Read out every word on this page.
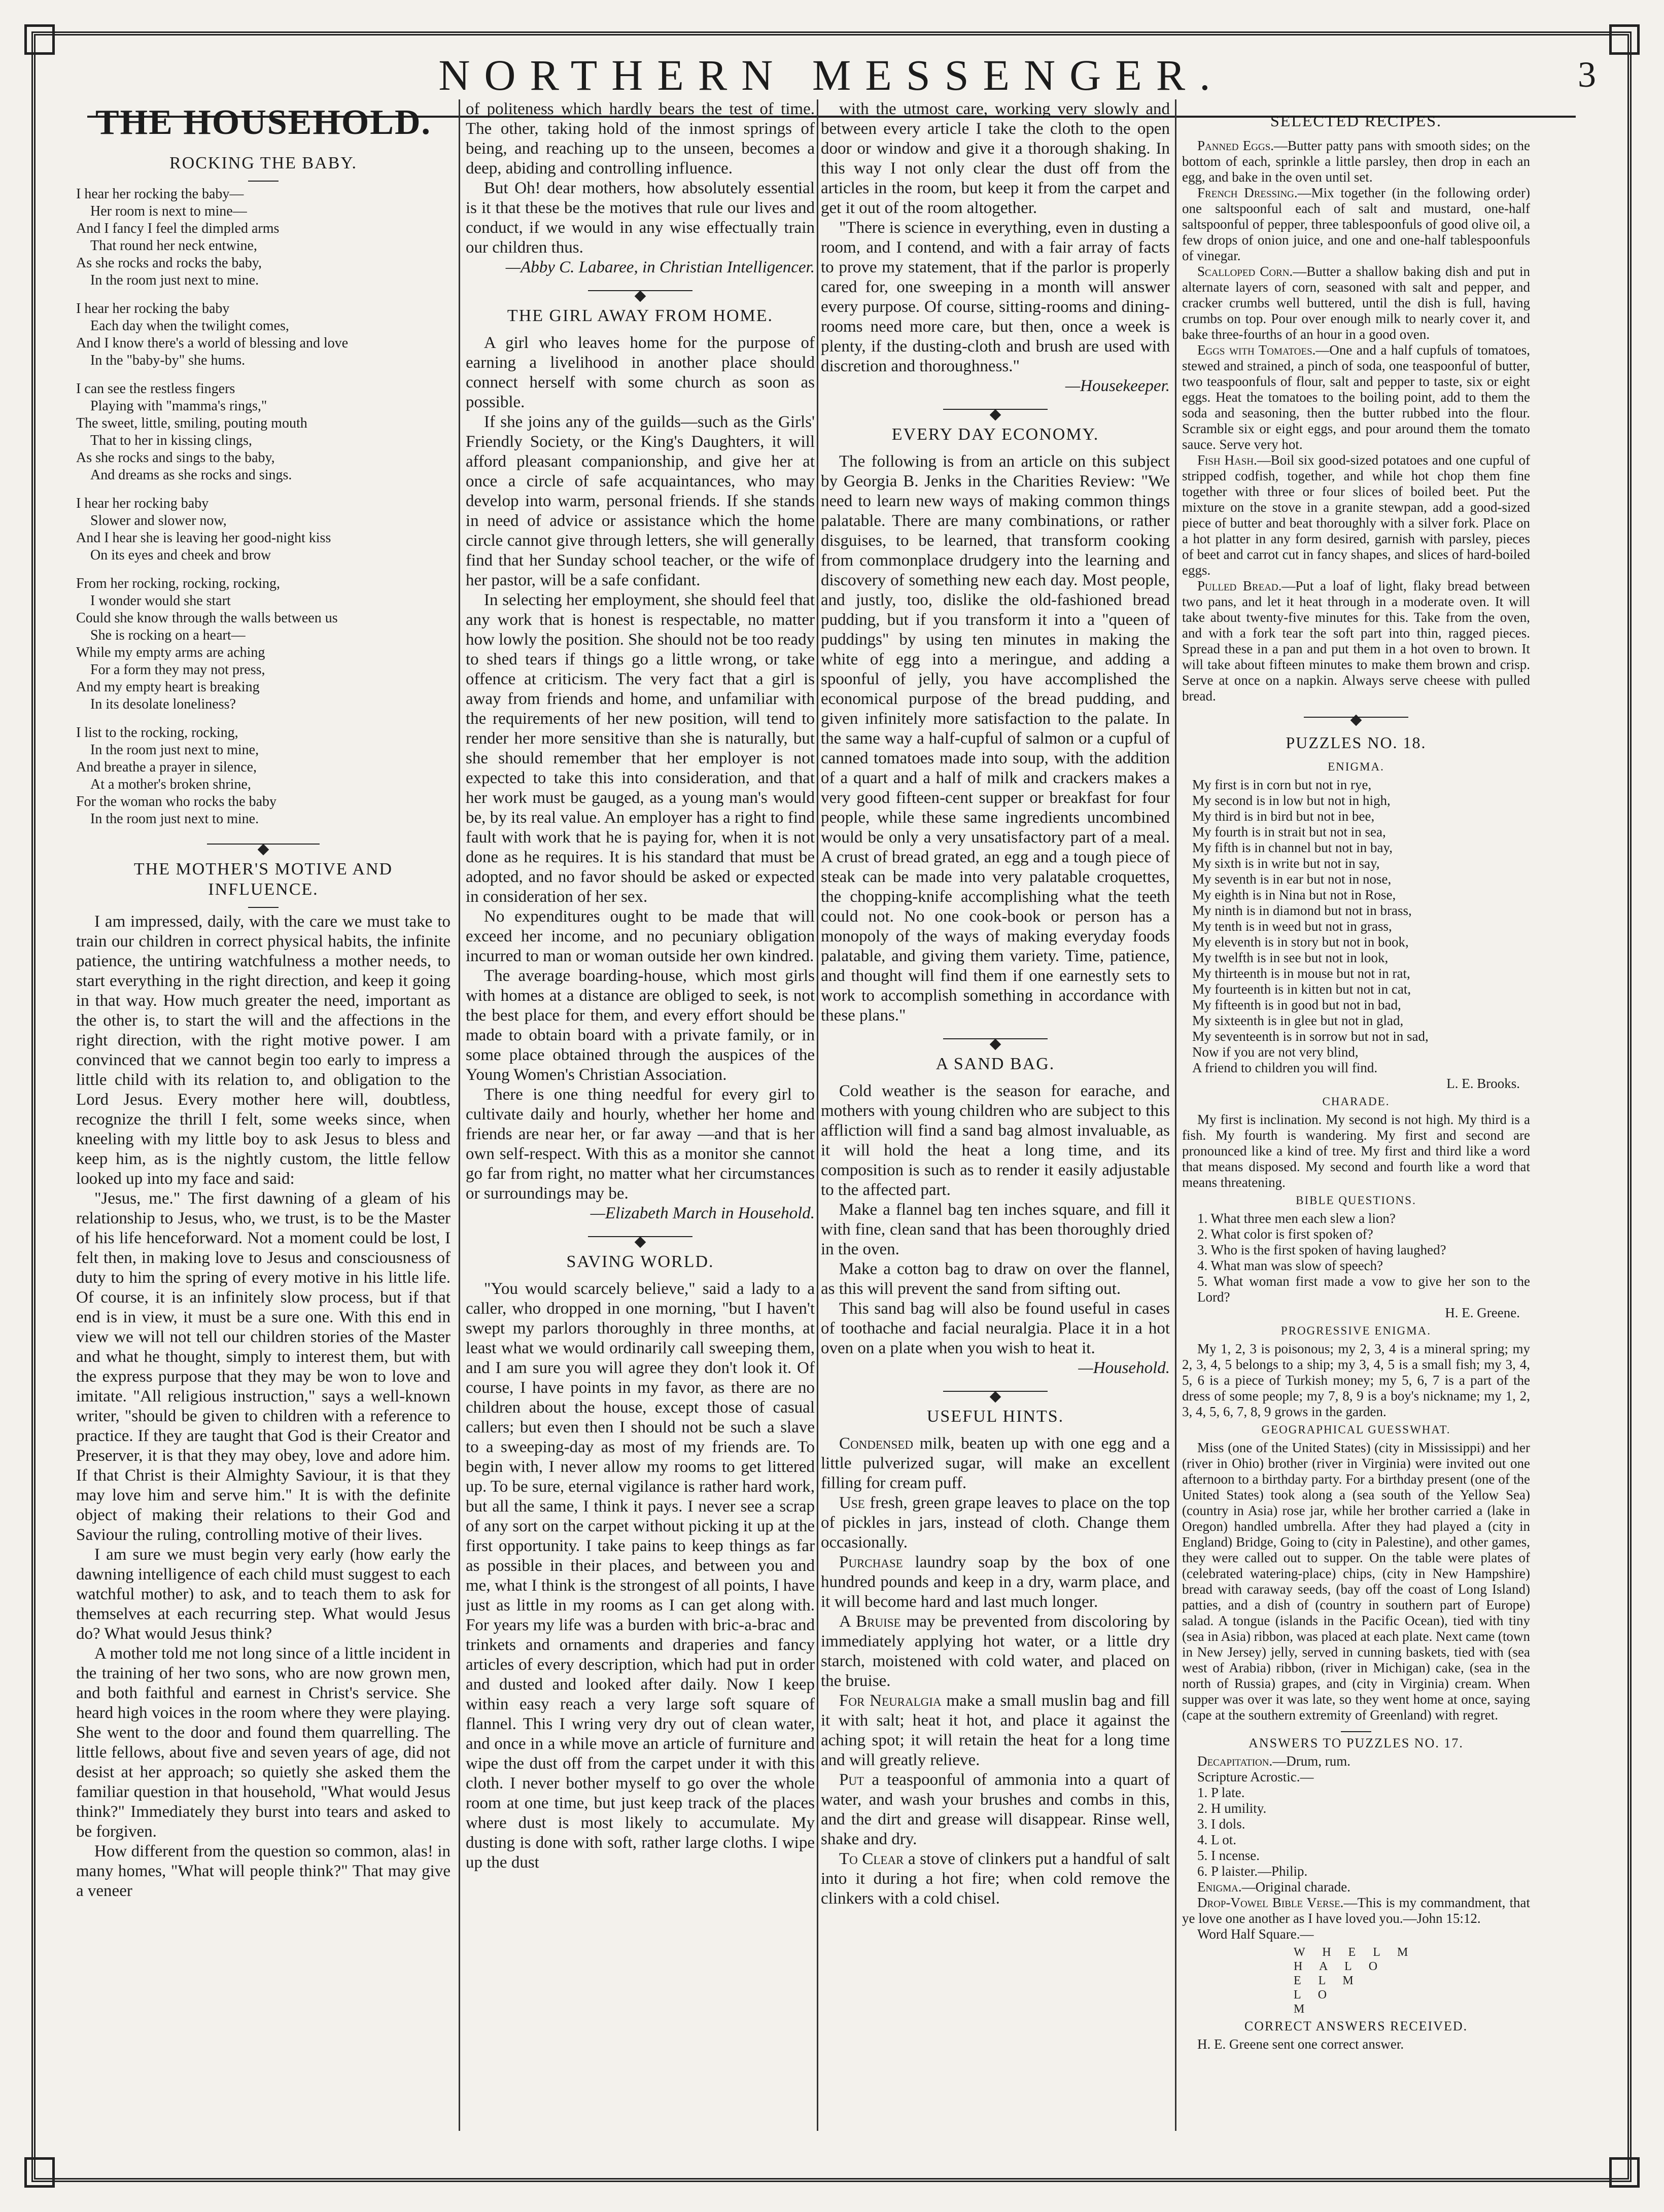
NORTHERN MESSENGER.	3
THE HOUSEHOLD.
ROCKING THE BABY.
I hear her rocking the baby—
Her room is next to mine—
And I fancy I feel the dimpled arms
That round her neck entwine,
As she rocks and rocks the baby,
In the room just next to mine.
I hear her rocking the baby
Each day when the twilight comes,
And I know there's a world of blessing and love
In the "baby-by" she hums.
I can see the restless fingers
Playing with "mamma's rings,"
The sweet, little, smiling, pouting mouth
That to her in kissing clings,
As she rocks and sings to the baby,
And dreams as she rocks and sings.
I hear her rocking baby
Slower and slower now,
And I hear she is leaving her good-night kiss
On its eyes and cheek and brow
From her rocking, rocking, rocking,
I wonder would she start
Could she know through the walls between us
She is rocking on a heart—
While my empty arms are aching
For a form they may not press,
And my empty heart is breaking
In its desolate loneliness?
I list to the rocking, rocking,
In the room just next to mine,
And breathe a prayer in silence,
At a mother's broken shrine,
For the woman who rocks the baby
In the room just next to mine.
THE MOTHER'S MOTIVE AND INFLUENCE.

I am impressed, daily, with the care we must take to train our children in correct physical habits, the infinite patience, the untiring watchfulness a mother needs, to start everything in the right direction, and keep it going in that way. How much greater the need, important as the other is, to start the will and the affections in the right direction, with the right motive power. I am convinced that we cannot begin too early to impress a little child with its relation to, and obligation to the Lord Jesus. Every mother here will, doubtless, recognize the thrill I felt, some weeks since, when kneeling with my little boy to ask Jesus to bless and keep him, as is the nightly custom, the little fellow looked up into my face and said:

"Jesus, me." The first dawning of a gleam of his relationship to Jesus, who, we trust, is to be the Master of his life henceforward. Not a moment could be lost, I felt then, in making love to Jesus and consciousness of duty to him the spring of every motive in his little life. Of course, it is an infinitely slow process, but if that end is in view, it must be a sure one. With this end in view we will not tell our children stories of the Master and what he thought, simply to interest them, but with the express purpose that they may be won to love and imitate. "All religious instruction," says a well-known writer, "should be given to children with a reference to practice. If they are taught that God is their Creator and Preserver, it is that they may obey, love and adore him. If that Christ is their Almighty Saviour, it is that they may love him and serve him." It is with the definite object of making their relations to their God and Saviour the ruling, controlling motive of their lives.

I am sure we must begin very early (how early the dawning intelligence of each child must suggest to each watchful mother) to ask, and to teach them to ask for themselves at each recurring step. What would Jesus do? What would Jesus think?

A mother told me not long since of a little incident in the training of her two sons, who are now grown men, and both faithful and earnest in Christ's service. She heard high voices in the room where they were playing. She went to the door and found them quarrelling. The little fellows, about five and seven years of age, did not desist at her approach; so quietly she asked them the familiar question in that household, "What would Jesus think?" Immediately they burst into tears and asked to be forgiven.

How different from the question so common, alas! in many homes, "What will people think?" That may give a veneer

of politeness which hardly bears the test of time. The other, taking hold of the inmost springs of being, and reaching up to the unseen, becomes a deep, abiding and controlling influence.

But Oh! dear mothers, how absolutely essential is it that these be the motives that rule our lives and conduct, if we would in any wise effectually train our children thus.

—Abby C. Labaree, in Christian Intelligencer.

THE GIRL AWAY FROM HOME.

A girl who leaves home for the purpose of earning a livelihood in another place should connect herself with some church as soon as possible.

If she joins any of the guilds—such as the Girls' Friendly Society, or the King's Daughters, it will afford pleasant companionship, and give her at once a circle of safe acquaintances, who may develop into warm, personal friends. If she stands in need of advice or assistance which the home circle cannot give through letters, she will generally find that her Sunday school teacher, or the wife of her pastor, will be a safe confidant.

In selecting her employment, she should feel that any work that is honest is respectable, no matter how lowly the position. She should not be too ready to shed tears if things go a little wrong, or take offence at criticism. The very fact that a girl is away from friends and home, and unfamiliar with the requirements of her new position, will tend to render her more sensitive than she is naturally, but she should remember that her employer is not expected to take this into consideration, and that her work must be gauged, as a young man's would be, by its real value. An employer has a right to find fault with work that he is paying for, when it is not done as he requires. It is his standard that must be adopted, and no favor should be asked or expected in consideration of her sex.

No expenditures ought to be made that will exceed her income, and no pecuniary obligation incurred to man or woman outside her own kindred.

The average boarding-house, which most girls with homes at a distance are obliged to seek, is not the best place for them, and every effort should be made to obtain board with a private family, or in some place obtained through the auspices of the Young Women's Christian Association.

There is one thing needful for every girl to cultivate daily and hourly, whether her home and friends are near her, or far away —and that is her own self-respect. With this as a monitor she cannot go far from right, no matter what her circumstances or surroundings may be.

—Elizabeth March in Household.

SAVING WORLD.

"You would scarcely believe," said a lady to a caller, who dropped in one morning, "but I haven't swept my parlors thoroughly in three months, at least what we would ordinarily call sweeping them, and I am sure you will agree they don't look it. Of course, I have points in my favor, as there are no children about the house, except those of casual callers; but even then I should not be such a slave to a sweeping-day as most of my friends are. To begin with, I never allow my rooms to get littered up. To be sure, eternal vigilance is rather hard work, but all the same, I think it pays. I never see a scrap of any sort on the carpet without picking it up at the first opportunity. I take pains to keep things as far as possible in their places, and between you and me, what I think is the strongest of all points, I have just as little in my rooms as I can get along with. For years my life was a burden with bric-a-brac and trinkets and ornaments and draperies and fancy articles of every description, which had put in order and dusted and looked after daily. Now I keep within easy reach a very large soft square of flannel. This I wring very dry out of clean water, and once in a while move an article of furniture and wipe the dust off from the carpet under it with this cloth. I never bother myself to go over the whole room at one time, but just keep track of the places where dust is most likely to accumulate. My dusting is done with soft, rather large cloths. I wipe up the dust

with the utmost care, working very slowly and between every article I take the cloth to the open door or window and give it a thorough shaking. In this way I not only clear the dust off from the articles in the room, but keep it from the carpet and get it out of the room altogether.

"There is science in everything, even in dusting a room, and I contend, and with a fair array of facts to prove my statement, that if the parlor is properly cared for, one sweeping in a month will answer every purpose. Of course, sitting-rooms and dining-rooms need more care, but then, once a week is plenty, if the dusting-cloth and brush are used with discretion and thoroughness."

—Housekeeper.

EVERY DAY ECONOMY.

The following is from an article on this subject by Georgia B. Jenks in the Charities Review: "We need to learn new ways of making common things palatable. There are many combinations, or rather disguises, to be learned, that transform cooking from commonplace drudgery into the learning and discovery of something new each day. Most people, and justly, too, dislike the old-fashioned bread pudding, but if you transform it into a "queen of puddings" by using ten minutes in making the white of egg into a meringue, and adding a spoonful of jelly, you have accomplished the economical purpose of the bread pudding, and given infinitely more satisfaction to the palate. In the same way a half-cupful of salmon or a cupful of canned tomatoes made into soup, with the addition of a quart and a half of milk and crackers makes a very good fifteen-cent supper or breakfast for four people, while these same ingredients uncombined would be only a very unsatisfactory part of a meal. A crust of bread grated, an egg and a tough piece of steak can be made into very palatable croquettes, the chopping-knife accomplishing what the teeth could not. No one cook-book or person has a monopoly of the ways of making everyday foods palatable, and giving them variety. Time, patience, and thought will find them if one earnestly sets to work to accomplish something in accordance with these plans."

A SAND BAG.

Cold weather is the season for earache, and mothers with young children who are subject to this affliction will find a sand bag almost invaluable, as it will hold the heat a long time, and its composition is such as to render it easily adjustable to the affected part.

Make a flannel bag ten inches square, and fill it with fine, clean sand that has been thoroughly dried in the oven.

Make a cotton bag to draw on over the flannel, as this will prevent the sand from sifting out.

This sand bag will also be found useful in cases of toothache and facial neuralgia. Place it in a hot oven on a plate when you wish to heat it.

—Household.

USEFUL HINTS.

Condensed milk, beaten up with one egg and a little pulverized sugar, will make an excellent filling for cream puff.

Use fresh, green grape leaves to place on the top of pickles in jars, instead of cloth. Change them occasionally.

Purchase laundry soap by the box of one hundred pounds and keep in a dry, warm place, and it will become hard and last much longer.

A Bruise may be prevented from discoloring by immediately applying hot water, or a little dry starch, moistened with cold water, and placed on the bruise.

For Neuralgia make a small muslin bag and fill it with salt; heat it hot, and place it against the aching spot; it will retain the heat for a long time and will greatly relieve.

Put a teaspoonful of ammonia into a quart of water, and wash your brushes and combs in this, and the dirt and grease will disappear. Rinse well, shake and dry.

To Clear a stove of clinkers put a handful of salt into it during a hot fire; when cold remove the clinkers with a cold chisel.

SELECTED RECIPES.

Panned Eggs.—Butter patty pans with smooth sides; on the bottom of each, sprinkle a little parsley, then drop in each an egg, and bake in the oven until set.

French Dressing.—Mix together (in the following order) one saltspoonful each of salt and mustard, one-half saltspoonful of pepper, three tablespoonfuls of good olive oil, a few drops of onion juice, and one and one-half tablespoonfuls of vinegar.

Scalloped Corn.—Butter a shallow baking dish and put in alternate layers of corn, seasoned with salt and pepper, and cracker crumbs well buttered, until the dish is full, having crumbs on top. Pour over enough milk to nearly cover it, and bake three-fourths of an hour in a good oven.

Eggs with Tomatoes.—One and a half cupfuls of tomatoes, stewed and strained, a pinch of soda, one teaspoonful of butter, two teaspoonfuls of flour, salt and pepper to taste, six or eight eggs. Heat the tomatoes to the boiling point, add to them the soda and seasoning, then the butter rubbed into the flour. Scramble six or eight eggs, and pour around them the tomato sauce. Serve very hot.

Fish Hash.—Boil six good-sized potatoes and one cupful of stripped codfish, together, and while hot chop them fine together with three or four slices of boiled beet. Put the mixture on the stove in a granite stewpan, add a good-sized piece of butter and beat thoroughly with a silver fork. Place on a hot platter in any form desired, garnish with parsley, pieces of beet and carrot cut in fancy shapes, and slices of hard-boiled eggs.

Pulled Bread.—Put a loaf of light, flaky bread between two pans, and let it heat through in a moderate oven. It will take about twenty-five minutes for this. Take from the oven, and with a fork tear the soft part into thin, ragged pieces. Spread these in a pan and put them in a hot oven to brown. It will take about fifteen minutes to make them brown and crisp. Serve at once on a napkin. Always serve cheese with pulled bread.

PUZZLES NO. 18.
ENIGMA.
My first is in corn but not in rye,
My second is in low but not in high,
My third is in bird but not in bee,
My fourth is in strait but not in sea,
My fifth is in channel but not in bay,
My sixth is in write but not in say,
My seventh is in ear but not in nose,
My eighth is in Nina but not in Rose,
My ninth is in diamond but not in brass,
My tenth is in weed but not in grass,
My eleventh is in story but not in book,
My twelfth is in see but not in look,
My thirteenth is in mouse but not in rat,
My fourteenth is in kitten but not in cat,
My fifteenth is in good but not in bad,
My sixteenth is in glee but not in glad,
My seventeenth is in sorrow but not in sad,
Now if you are not very blind,
A friend to children you will find.

L. E. Brooks.

CHARADE.

My first is inclination. My second is not high. My third is a fish. My fourth is wandering. My first and second are pronounced like a kind of tree. My first and third like a word that means disposed. My second and fourth like a word that means threatening.

BIBLE QUESTIONS.
1. What three men each slew a lion?
2. What color is first spoken of?
3. Who is the first spoken of having laughed?
4. What man was slow of speech?
5. What woman first made a vow to give her son to the Lord?

H. E. Greene.

PROGRESSIVE ENIGMA.

My 1, 2, 3 is poisonous; my 2, 3, 4 is a mineral spring; my 2, 3, 4, 5 belongs to a ship; my 3, 4, 5 is a small fish; my 3, 4, 5, 6 is a piece of Turkish money; my 5, 6, 7 is a part of the dress of some people; my 7, 8, 9 is a boy's nickname; my 1, 2, 3, 4, 5, 6, 7, 8, 9 grows in the garden.

GEOGRAPHICAL GUESSWHAT.

Miss (one of the United States) (city in Mississippi) and her (river in Ohio) brother (river in Virginia) were invited out one afternoon to a birthday party. For a birthday present (one of the United States) took along a (sea south of the Yellow Sea) (country in Asia) rose jar, while her brother carried a (lake in Oregon) handled umbrella. After they had played a (city in England) Bridge, Going to (city in Palestine), and other games, they were called out to supper. On the table were plates of (celebrated watering-place) chips, (city in New Hampshire) bread with caraway seeds, (bay off the coast of Long Island) patties, and a dish of (country in southern part of Europe) salad. A tongue (islands in the Pacific Ocean), tied with tiny (sea in Asia) ribbon, was placed at each plate. Next came (town in New Jersey) jelly, served in cunning baskets, tied with (sea west of Arabia) ribbon, (river in Michigan) cake, (sea in the north of Russia) grapes, and (city in Virginia) cream. When supper was over it was late, so they went home at once, saying (cape at the southern extremity of Greenland) with regret.

ANSWERS TO PUZZLES NO. 17.

Decapitation.—Drum, rum.

Scripture Acrostic.—

1. P late.
2. H umility.
3. I dols.
4. L ot.
5. I ncense.
6. P laister.—Philip.

Enigma.—Original charade.

Drop-Vowel Bible Verse.—This is my commandment, that ye love one another as I have loved you.—John 15:12.

Word Half Square.—

W H E L M
H A L O
E L M
L O
M
CORRECT ANSWERS RECEIVED.

H. E. Greene sent one correct answer.
